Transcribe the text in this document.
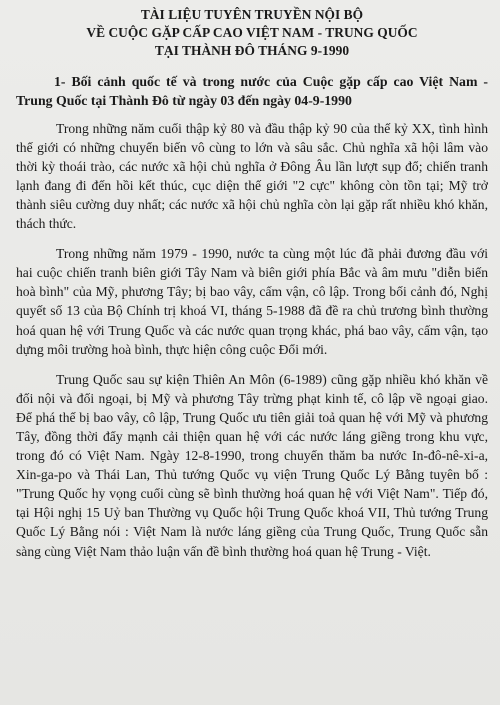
TÀI LIỆU TUYÊN TRUYỀN NỘI BỘ
VỀ CUỘC GẶP CẤP CAO VIỆT NAM - TRUNG QUỐC
TẠI THÀNH ĐÔ THÁNG 9-1990
1- Bối cảnh quốc tế và trong nước của Cuộc gặp cấp cao Việt Nam - Trung Quốc tại Thành Đô từ ngày 03 đến ngày 04-9-1990

Trong những năm cuối thập kỷ 80 và đầu thập kỷ 90 của thế kỷ XX, tình hình thế giới có những chuyển biến vô cùng to lớn và sâu sắc. Chủ nghĩa xã hội lâm vào thời kỳ thoái trào, các nước xã hội chủ nghĩa ở Đông Âu lần lượt sụp đổ; chiến tranh lạnh đang đi đến hồi kết thúc, cục diện thế giới "2 cực" không còn tồn tại; Mỹ trở thành siêu cường duy nhất; các nước xã hội chủ nghĩa còn lại gặp rất nhiều khó khăn, thách thức.

Trong những năm 1979 - 1990, nước ta cùng một lúc đã phải đương đầu với hai cuộc chiến tranh biên giới Tây Nam và biên giới phía Bắc và âm mưu "diễn biến hoà bình" của Mỹ, phương Tây; bị bao vây, cấm vận, cô lập. Trong bối cảnh đó, Nghị quyết số 13 của Bộ Chính trị khoá VI, tháng 5-1988 đã đề ra chủ trương bình thường hoá quan hệ với Trung Quốc và các nước quan trọng khác, phá bao vây, cấm vận, tạo dựng môi trường hoà bình, thực hiện công cuộc Đổi mới.

Trung Quốc sau sự kiện Thiên An Môn (6-1989) cũng gặp nhiều khó khăn về đối nội và đối ngoại, bị Mỹ và phương Tây trừng phạt kinh tế, cô lập về ngoại giao. Để phá thế bị bao vây, cô lập, Trung Quốc ưu tiên giải toả quan hệ với Mỹ và phương Tây, đồng thời đẩy mạnh cải thiện quan hệ với các nước láng giềng trong khu vực, trong đó có Việt Nam. Ngày 12-8-1990, trong chuyến thăm ba nước In-đô-nê-xi-a, Xin-ga-po và Thái Lan, Thủ tướng Quốc vụ viện Trung Quốc Lý Bằng tuyên bố : "Trung Quốc hy vọng cuối cùng sẽ bình thường hoá quan hệ với Việt Nam". Tiếp đó, tại Hội nghị 15 Uỷ ban Thường vụ Quốc hội Trung Quốc khoá VII, Thủ tướng Trung Quốc Lý Bằng nói : Việt Nam là nước láng giềng của Trung Quốc, Trung Quốc sẵn sàng cùng Việt Nam thảo luận vấn đề bình thường hoá quan hệ Trung - Việt.
